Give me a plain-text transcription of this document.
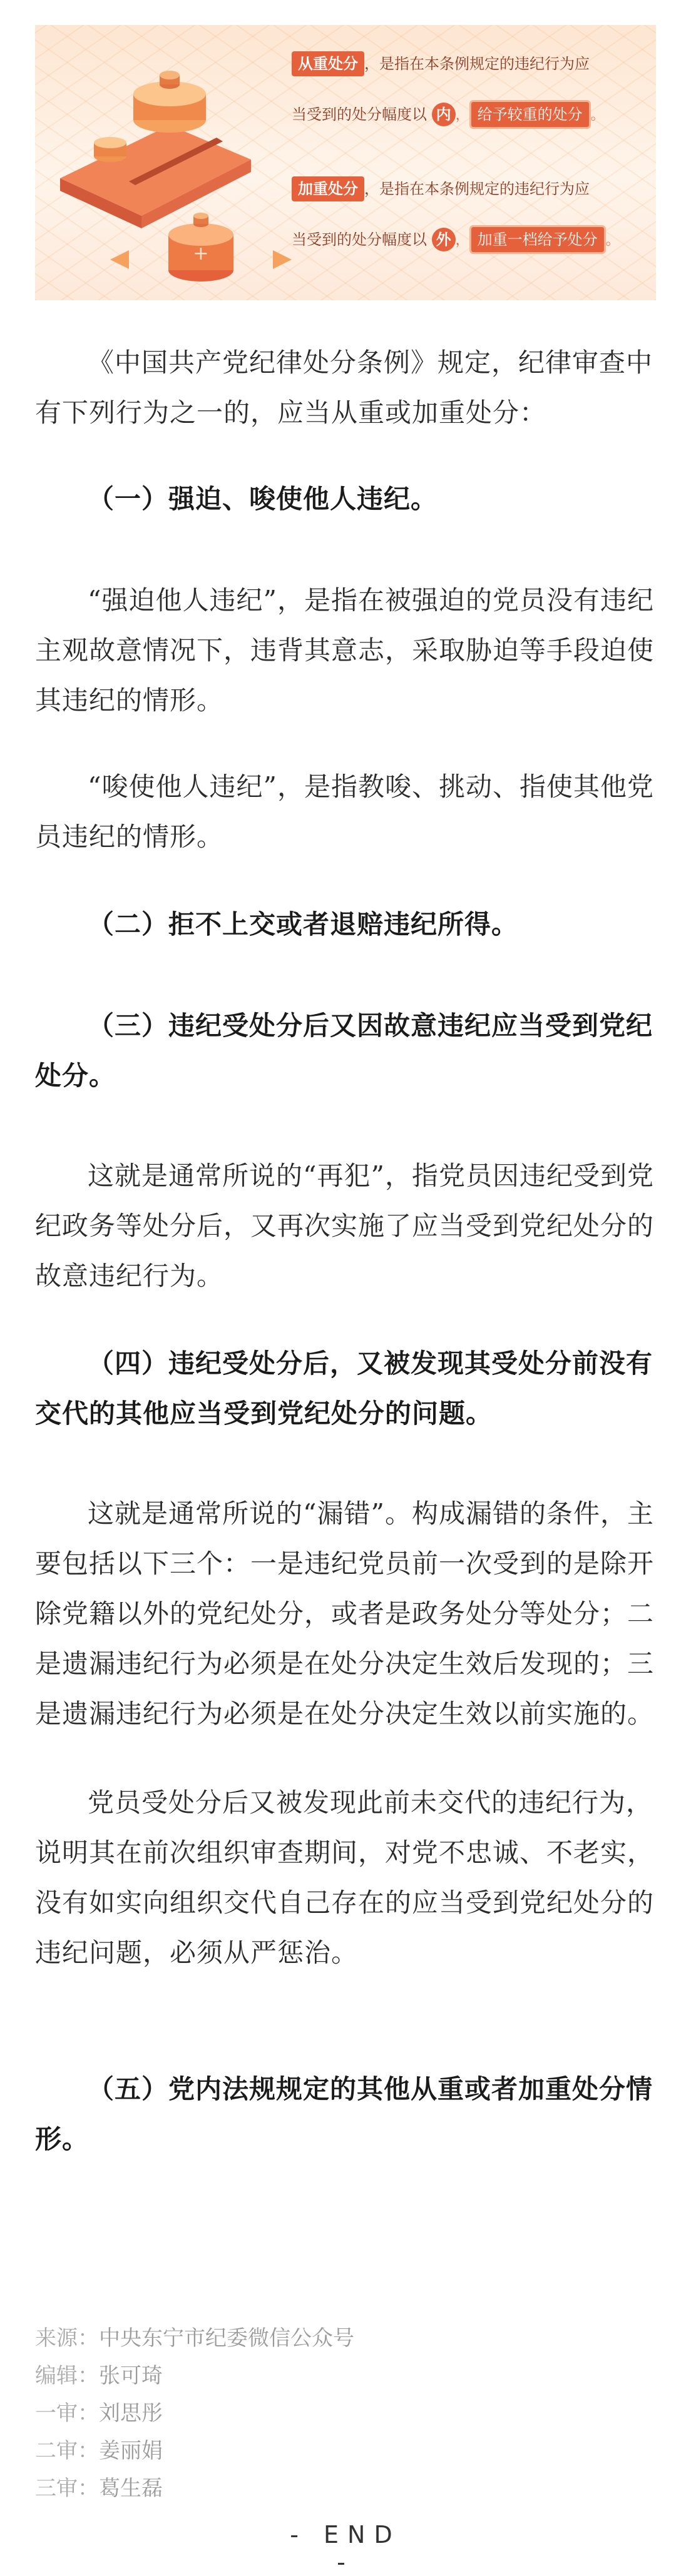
+
从重处分 ，是指在本条例规定的违纪行为应
当受到的处分幅度以 内 ， 给予较重的处分 。
加重处分 ，是指在本条例规定的违纪行为应
当受到的处分幅度以 外 ， 加重一档给予处分 。

《中国共产党纪律处分条例》规定，纪律审查中有下列行为之一的，应当从重或加重处分：

（一）强迫、唆使他人违纪。

“强迫他人违纪”，是指在被强迫的党员没有违纪主观故意情况下，违背其意志，采取胁迫等手段迫使其违纪的情形。

“唆使他人违纪”，是指教唆、挑动、指使其他党员违纪的情形。

（二）拒不上交或者退赔违纪所得。

（三）违纪受处分后又因故意违纪应当受到党纪处分。

这就是通常所说的“再犯”，指党员因违纪受到党纪政务等处分后，又再次实施了应当受到党纪处分的故意违纪行为。

（四）违纪受处分后，又被发现其受处分前没有交代的其他应当受到党纪处分的问题。

这就是通常所说的“漏错”。构成漏错的条件，主要包括以下三个：一是违纪党员前一次受到的是除开除党籍以外的党纪处分，或者是政务处分等处分；二是遗漏违纪行为必须是在处分决定生效后发现的；三是遗漏违纪行为必须是在处分决定生效以前实施的。

党员受处分后又被发现此前未交代的违纪行为，说明其在前次组织审查期间，对党不忠诚、不老实，没有如实向组织交代自己存在的应当受到党纪处分的违纪问题，必须从严惩治。

（五）党内法规规定的其他从重或者加重处分情形。

来源：中央东宁市纪委微信公众号
编辑：张可琦
一审：刘思彤
二审：姜丽娟
三审：葛生磊
- END -
